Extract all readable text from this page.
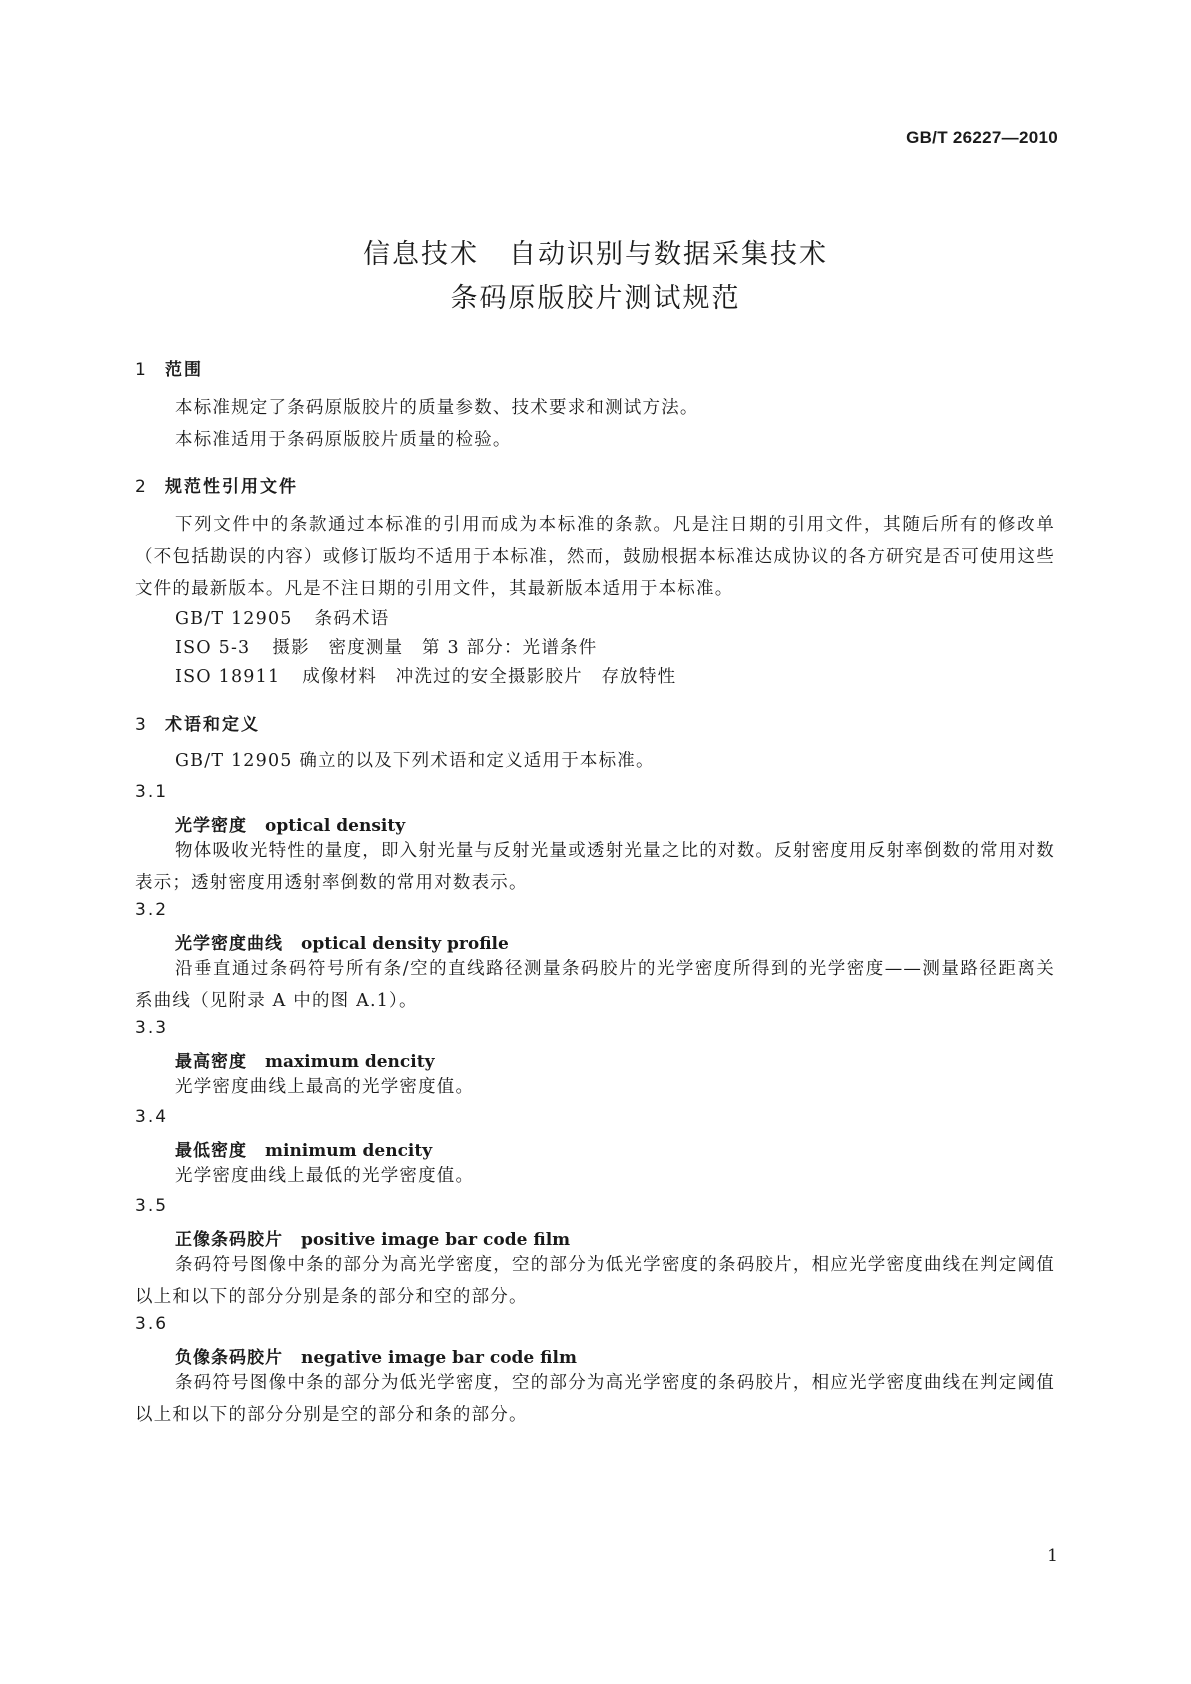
GB/T 26227—2010
信息技术 自动识别与数据采集技术
条码原版胶片测试规范
1 范围
本标准规定了条码原版胶片的质量参数、技术要求和测试方法。
本标准适用于条码原版胶片质量的检验。
2 规范性引用文件
下列文件中的条款通过本标准的引用而成为本标准的条款。凡是注日期的引用文件，其随后所有的修改单（不包括勘误的内容）或修订版均不适用于本标准，然而，鼓励根据本标准达成协议的各方研究是否可使用这些文件的最新版本。凡是不注日期的引用文件，其最新版本适用于本标准。
GB/T 12905 条码术语
ISO 5-3 摄影　密度测量　第 3 部分：光谱条件
ISO 18911 成像材料　冲洗过的安全摄影胶片　存放特性
3 术语和定义
GB/T 12905 确立的以及下列术语和定义适用于本标准。
3.1
光学密度 optical density
物体吸收光特性的量度，即入射光量与反射光量或透射光量之比的对数。反射密度用反射率倒数的常用对数表示；透射密度用透射率倒数的常用对数表示。
3.2
光学密度曲线 optical density profile
沿垂直通过条码符号所有条/空的直线路径测量条码胶片的光学密度所得到的光学密度——测量路径距离关系曲线（见附录 A 中的图 A.1）。
3.3
最高密度 maximum dencity
光学密度曲线上最高的光学密度值。
3.4
最低密度 minimum dencity
光学密度曲线上最低的光学密度值。
3.5
正像条码胶片 positive image bar code film
条码符号图像中条的部分为高光学密度，空的部分为低光学密度的条码胶片，相应光学密度曲线在判定阈值以上和以下的部分分别是条的部分和空的部分。
3.6
负像条码胶片 negative image bar code film
条码符号图像中条的部分为低光学密度，空的部分为高光学密度的条码胶片，相应光学密度曲线在判定阈值以上和以下的部分分别是空的部分和条的部分。
1
